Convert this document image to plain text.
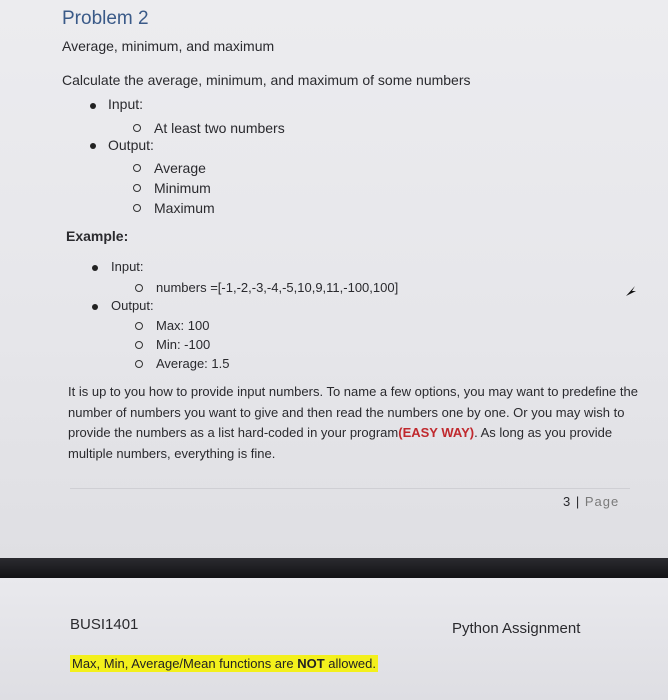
Problem 2
Average, minimum, and maximum
Calculate the average, minimum, and maximum of some numbers
Input:
At least two numbers
Output:
Average
Minimum
Maximum
Example:
Input:
numbers =[-1,-2,-3,-4,-5,10,9,11,-100,100]
Output:
Max: 100
Min: -100
Average: 1.5
It is up to you how to provide input numbers. To name a few options, you may want to predefine the number of numbers you want to give and then read the numbers one by one. Or you may wish to provide the numbers as a list hard-coded in your program(EASY WAY). As long as you provide multiple numbers, everything is fine.
3 | Page
BUSI1401	Python Assignment
Max, Min, Average/Mean functions are NOT allowed.
